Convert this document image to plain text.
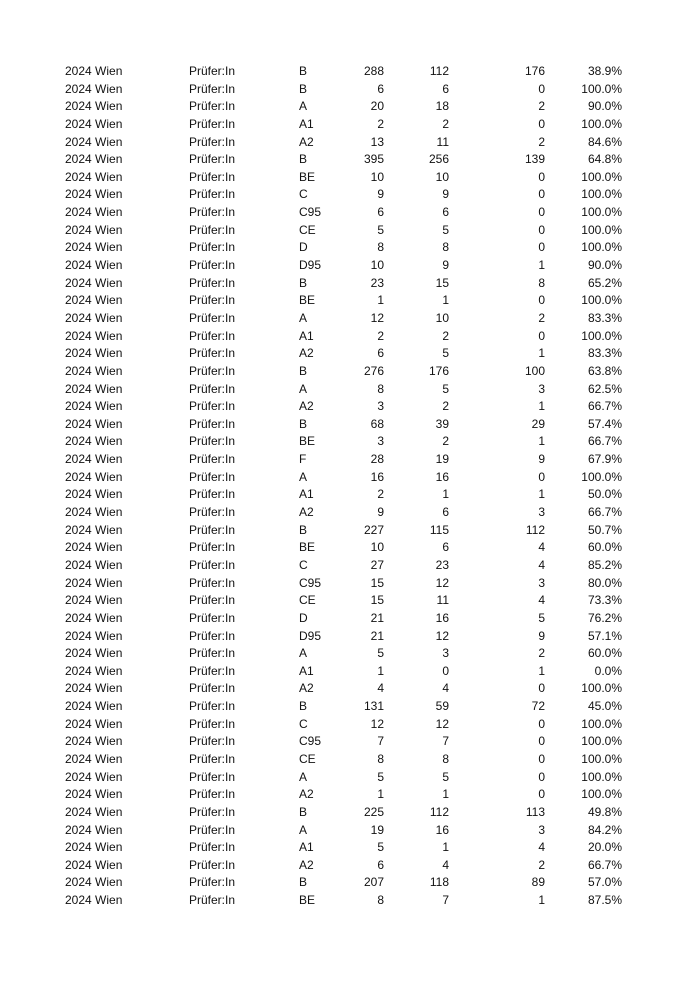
2024 Wien	Prüfer:In	B	288	112	176	38.9%
2024 Wien	Prüfer:In	B	6	6	0	100.0%
2024 Wien	Prüfer:In	A	20	18	2	90.0%
2024 Wien	Prüfer:In	A1	2	2	0	100.0%
2024 Wien	Prüfer:In	A2	13	11	2	84.6%
2024 Wien	Prüfer:In	B	395	256	139	64.8%
2024 Wien	Prüfer:In	BE	10	10	0	100.0%
2024 Wien	Prüfer:In	C	9	9	0	100.0%
2024 Wien	Prüfer:In	C95	6	6	0	100.0%
2024 Wien	Prüfer:In	CE	5	5	0	100.0%
2024 Wien	Prüfer:In	D	8	8	0	100.0%
2024 Wien	Prüfer:In	D95	10	9	1	90.0%
2024 Wien	Prüfer:In	B	23	15	8	65.2%
2024 Wien	Prüfer:In	BE	1	1	0	100.0%
2024 Wien	Prüfer:In	A	12	10	2	83.3%
2024 Wien	Prüfer:In	A1	2	2	0	100.0%
2024 Wien	Prüfer:In	A2	6	5	1	83.3%
2024 Wien	Prüfer:In	B	276	176	100	63.8%
2024 Wien	Prüfer:In	A	8	5	3	62.5%
2024 Wien	Prüfer:In	A2	3	2	1	66.7%
2024 Wien	Prüfer:In	B	68	39	29	57.4%
2024 Wien	Prüfer:In	BE	3	2	1	66.7%
2024 Wien	Prüfer:In	F	28	19	9	67.9%
2024 Wien	Prüfer:In	A	16	16	0	100.0%
2024 Wien	Prüfer:In	A1	2	1	1	50.0%
2024 Wien	Prüfer:In	A2	9	6	3	66.7%
2024 Wien	Prüfer:In	B	227	115	112	50.7%
2024 Wien	Prüfer:In	BE	10	6	4	60.0%
2024 Wien	Prüfer:In	C	27	23	4	85.2%
2024 Wien	Prüfer:In	C95	15	12	3	80.0%
2024 Wien	Prüfer:In	CE	15	11	4	73.3%
2024 Wien	Prüfer:In	D	21	16	5	76.2%
2024 Wien	Prüfer:In	D95	21	12	9	57.1%
2024 Wien	Prüfer:In	A	5	3	2	60.0%
2024 Wien	Prüfer:In	A1	1	0	1	0.0%
2024 Wien	Prüfer:In	A2	4	4	0	100.0%
2024 Wien	Prüfer:In	B	131	59	72	45.0%
2024 Wien	Prüfer:In	C	12	12	0	100.0%
2024 Wien	Prüfer:In	C95	7	7	0	100.0%
2024 Wien	Prüfer:In	CE	8	8	0	100.0%
2024 Wien	Prüfer:In	A	5	5	0	100.0%
2024 Wien	Prüfer:In	A2	1	1	0	100.0%
2024 Wien	Prüfer:In	B	225	112	113	49.8%
2024 Wien	Prüfer:In	A	19	16	3	84.2%
2024 Wien	Prüfer:In	A1	5	1	4	20.0%
2024 Wien	Prüfer:In	A2	6	4	2	66.7%
2024 Wien	Prüfer:In	B	207	118	89	57.0%
2024 Wien	Prüfer:In	BE	8	7	1	87.5%
